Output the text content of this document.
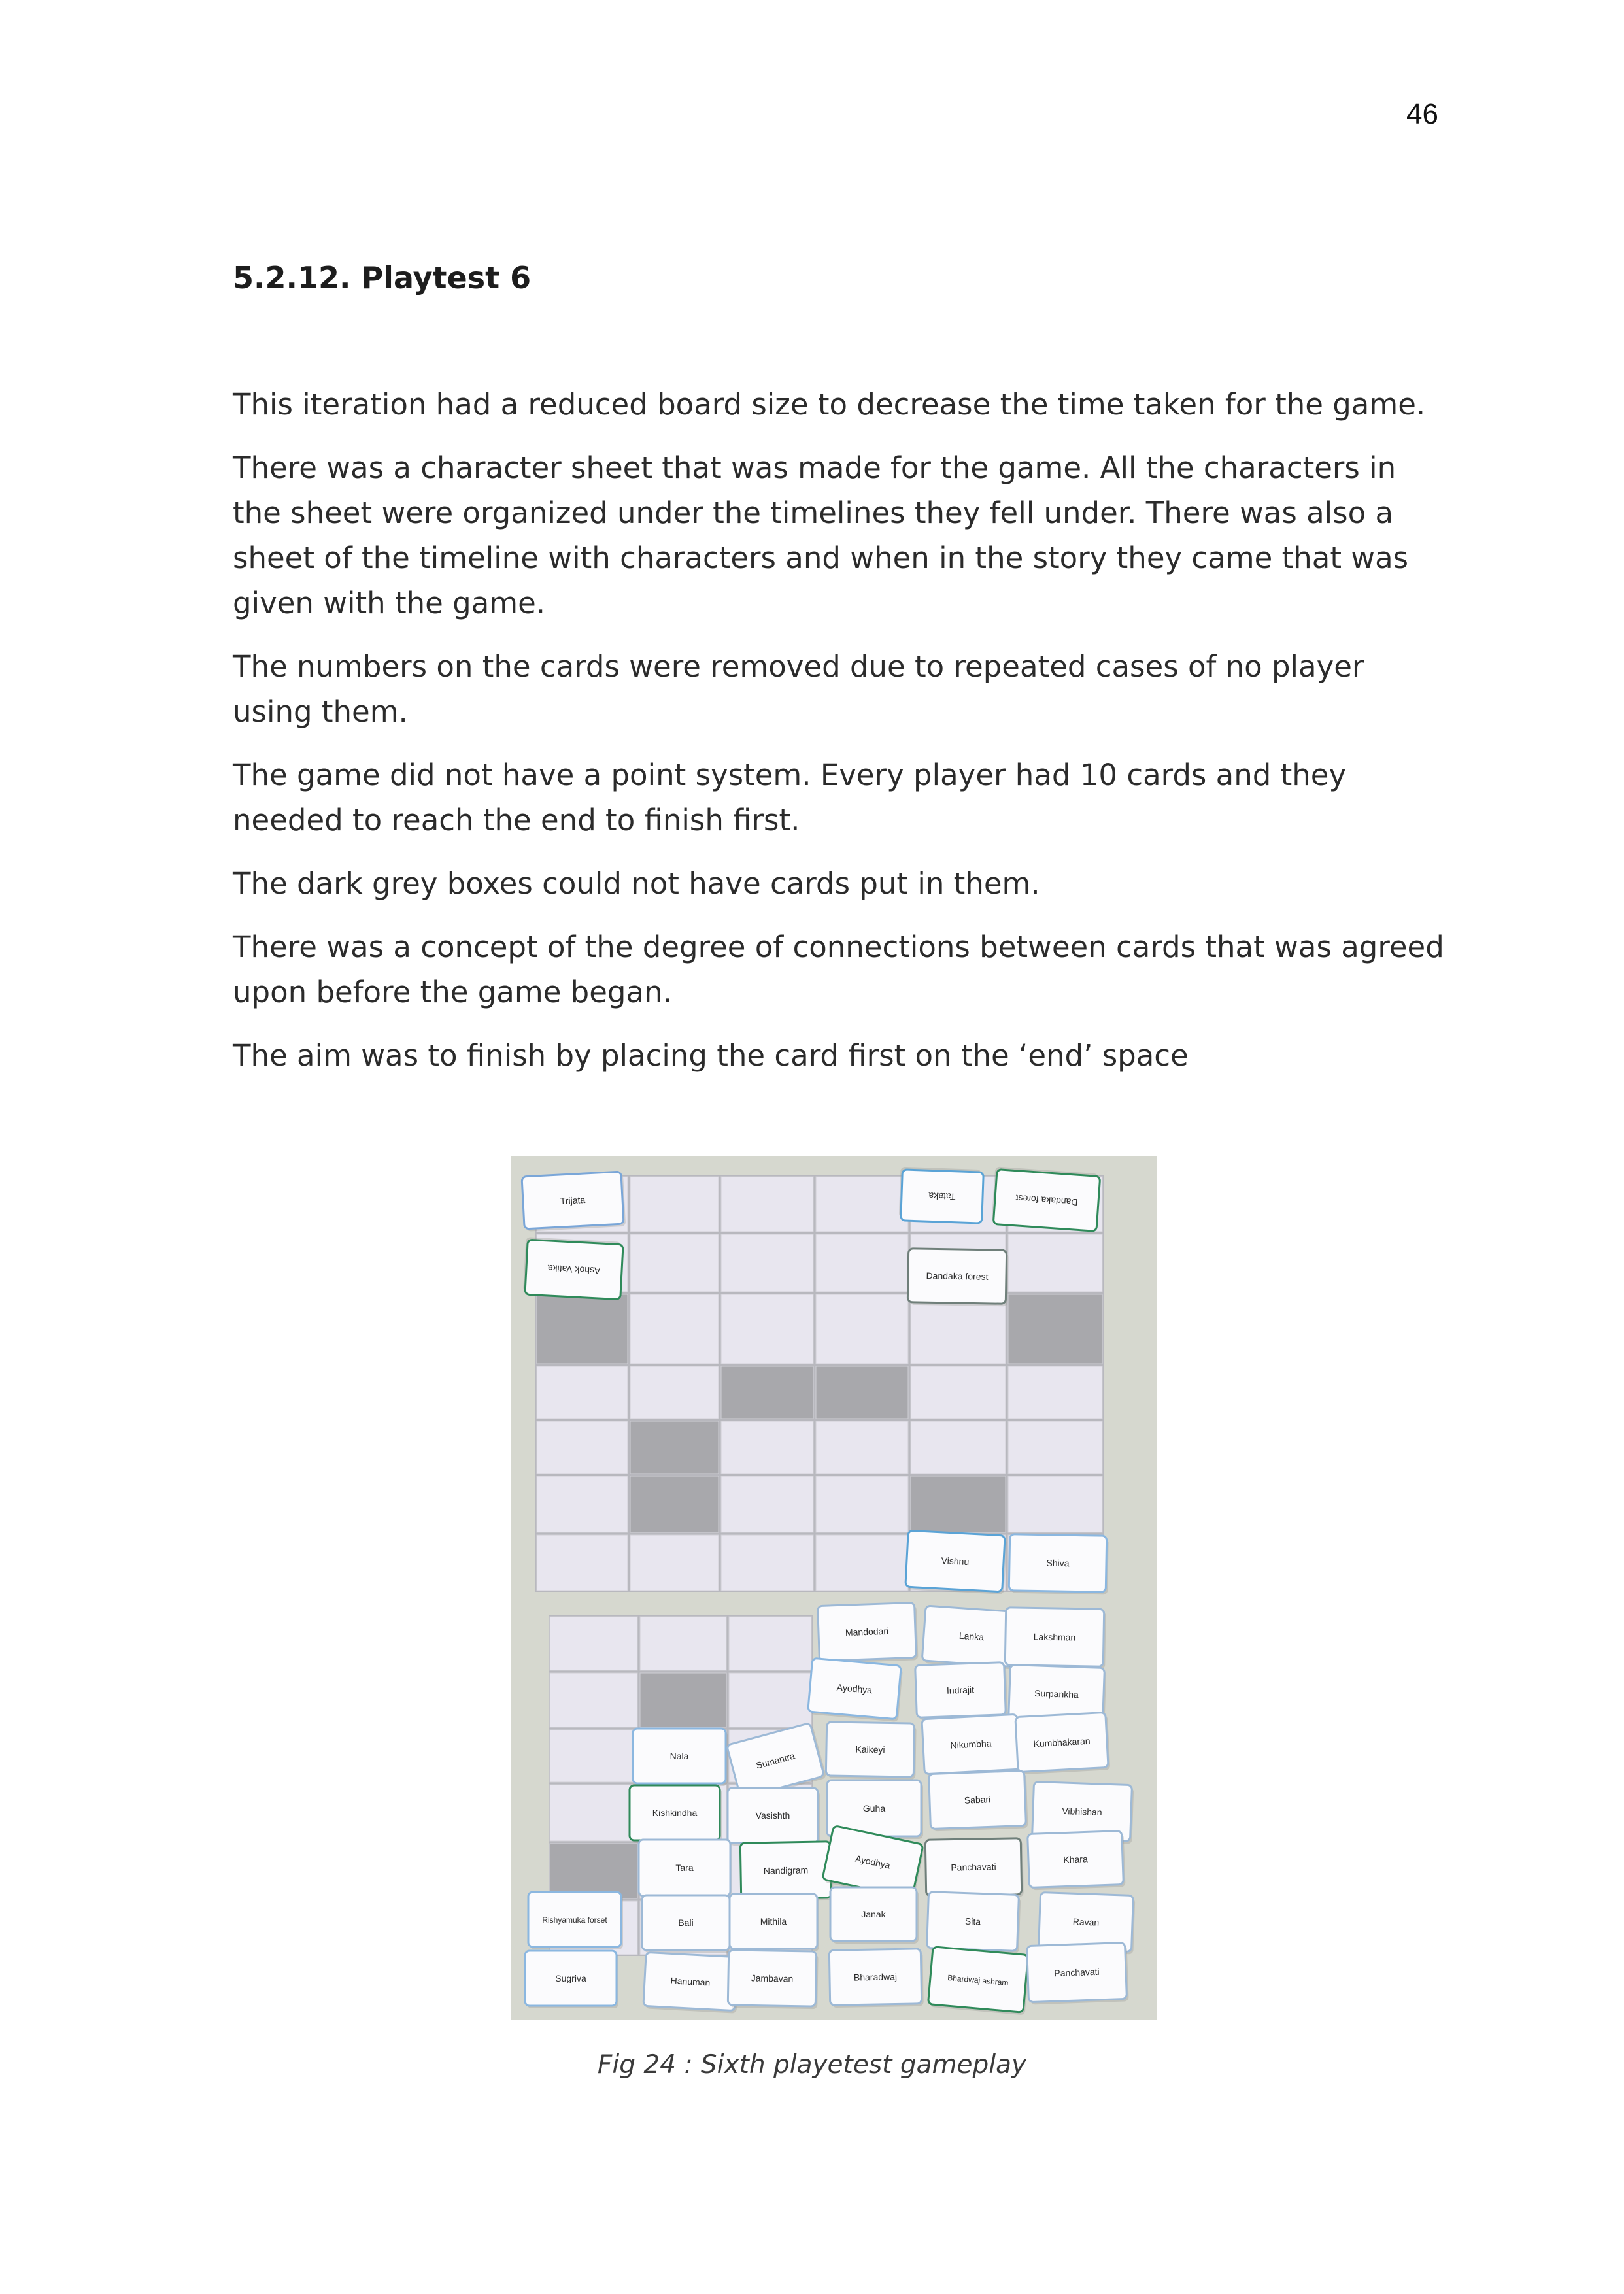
46
5.2.12. Playtest 6

This iteration had a reduced board size to decrease the time taken for the game.

There was a character sheet that was made for the game. All the characters in the sheet were organized under the timelines they fell under. There was also a sheet of the timeline with characters and when in the story they came that was given with the game.

The numbers on the cards were removed due to repeated cases of no player using them.

The game did not have a point system. Every player had 10 cards and they needed to reach the end to finish first.

The dark grey boxes could not have cards put in them.

There was a concept of the degree of connections between cards that was agreed upon before the game began.

The aim was to finish by placing the card first on the ‘end’ space

Trijata	Tataka	Dandaka forest
Ashok Vatika	Dandaka forest
Vishnu	Shiva
Mandodari	Lanka	Lakshman
Ayodhya	Indrajit	Surpankha
Nala	Sumantra
Kaikeyi	Nikumbha	Kumbhakaran
Kishkindha	Vasishth
Guha
Sabari
Vibhishan
Tara	Nandigram	Ayodhya	Panchavati
Khara
Rishyamuka forset	Bali	Mithila
Janak
Sita	Ravan
Sugriva	Hanuman	Jambavan	Bharadwaj	Bhardwaj ashram
Panchavati
Fig 24 : Sixth playetest gameplay
